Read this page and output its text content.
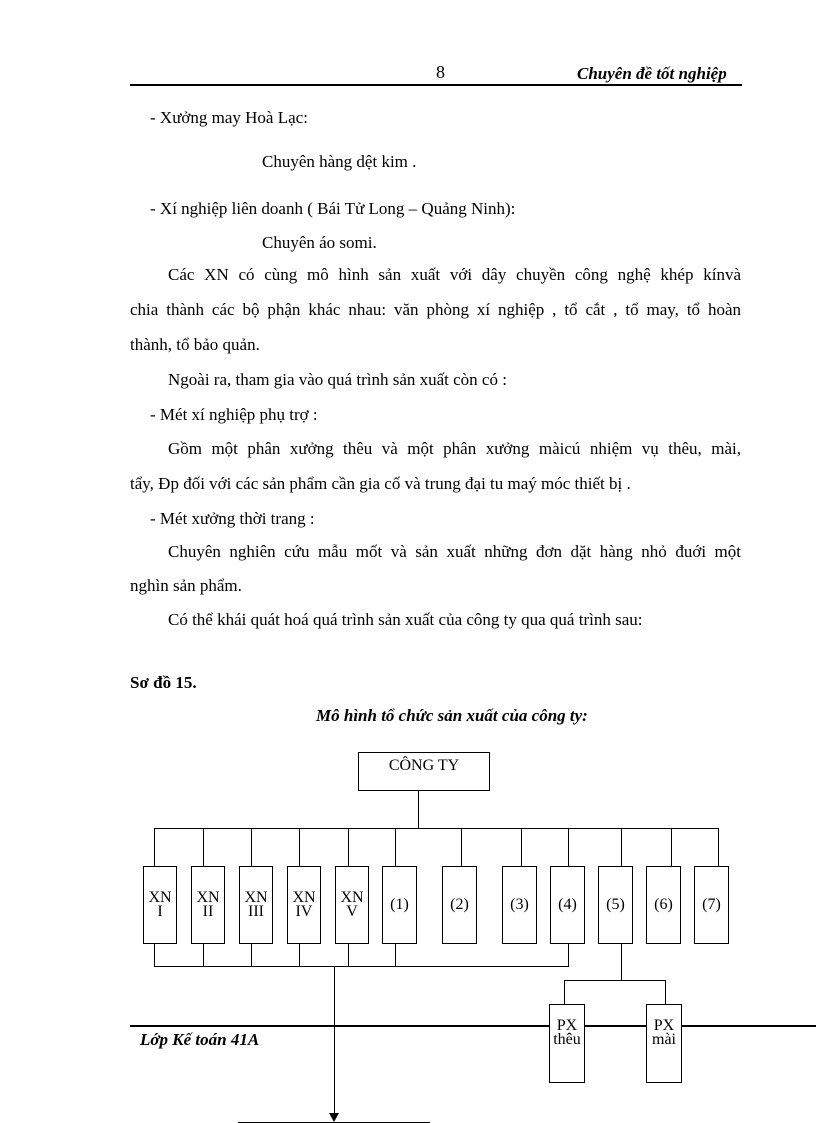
8	Chuyên đề tốt nghiệp
- Xưởng may Hoà Lạc:
Chuyên hàng dệt kim .
- Xí nghiệp liên doanh ( Bái Tử Long – Quảng Ninh):
Chuyên áo somi.
Các XN có cùng mô hình sản xuất với dây chuyền công nghệ khép kínvà
chia thành các bộ phận khác nhau: văn phòng xí nghiệp , tổ cắt , tổ may, tổ hoàn
thành, tổ bảo quản.
Ngoài ra, tham gia vào quá trình sản xuất còn có :
- Mét xí nghiệp phụ trợ :
Gồm một phân xưởng thêu và một phân xưởng màicú nhiệm vụ thêu, mài,
tẩy, Đp đối với các sản phẩm cần gia cố và trung đại tu maý móc thiết bị .
- Mét xưởng thời trang :
Chuyên nghiên cứu mẫu mốt và sản xuất những đơn dặt hàng nhỏ đuới một
nghìn sản phẩm.
Có thể khái quát hoá quá trình sản xuất của công ty qua quá trình sau:
Sơ đồ 15.
Mô hình tổ chức sản xuất của công ty:
CÔNG TY
XN
I
XN
II
XN
III
XN
IV
XN
V	(1)	(2)	(3) (4) (5) (6) (7)
Lớp Kế toán 41A
PX
thêu
PX
mài
